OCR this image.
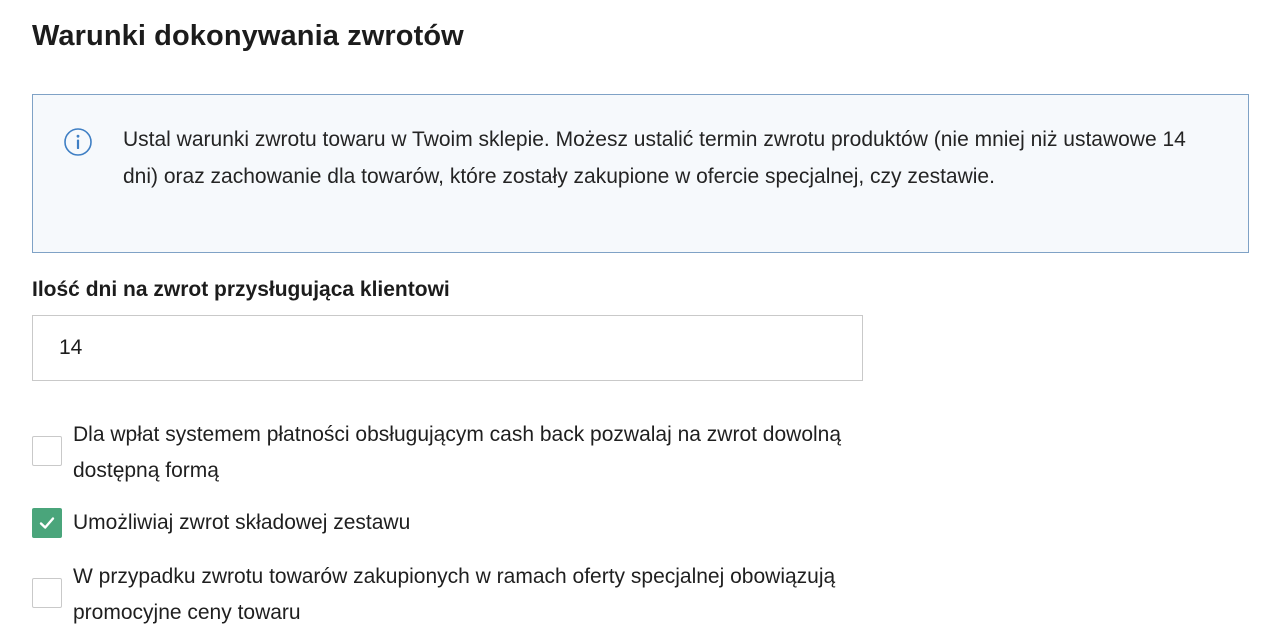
Warunki dokonywania zwrotów

Ustal warunki zwrotu towaru w Twoim sklepie. Możesz ustalić termin zwrotu produktów (nie mniej niż ustawowe 14 dni) oraz zachowanie dla towarów, które zostały zakupione w ofercie specjalnej, czy zestawie.

Ilość dni na zwrot przysługująca klientowi
14
Dla wpłat systemem płatności obsługującym cash back pozwalaj na zwrot dowolną dostępną formą
Umożliwiaj zwrot składowej zestawu
W przypadku zwrotu towarów zakupionych w ramach oferty specjalnej obowiązują promocyjne ceny towaru
